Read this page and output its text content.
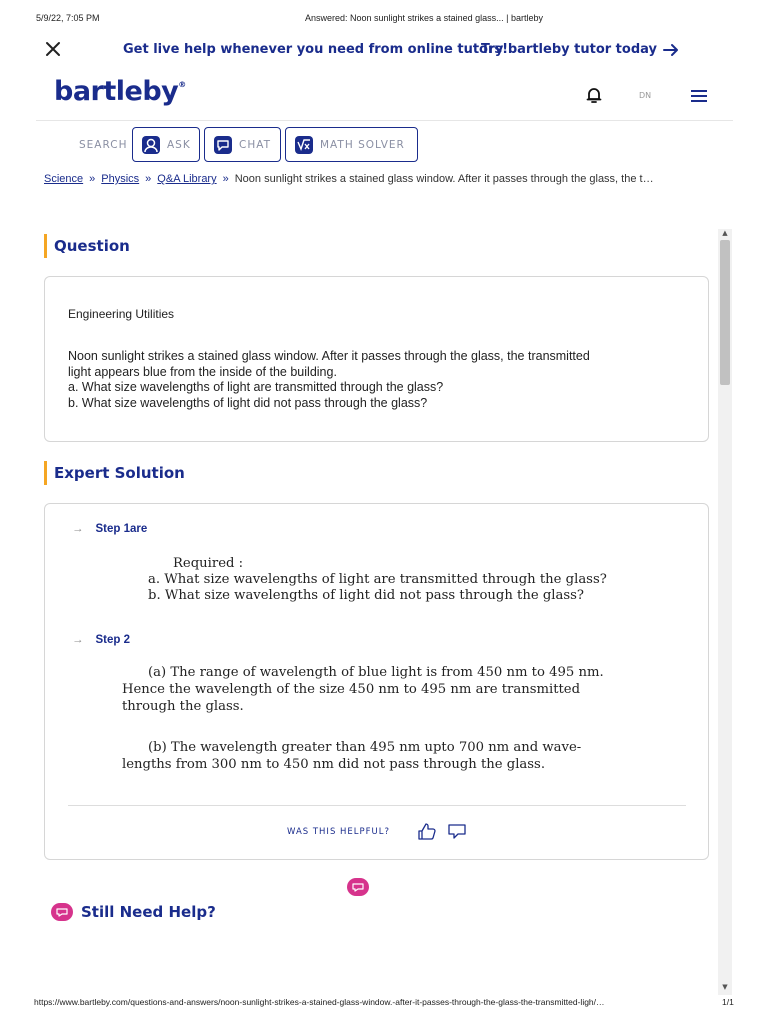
5/9/22, 7:05 PM	Answered: Noon sunlight strikes a stained glass... | bartleby
Get live help whenever you need from online tutors!
Try bartleby tutor today
bartleby®
DN
SEARCH	ASK	CHAT	MATH SOLVER
Science » Physics » Q&A Library » Noon sunlight strikes a stained glass window. After it passes through the glass, the t…
Question
Engineering Utilities
Noon sunlight strikes a stained glass window. After it passes through the glass, the transmitted
light appears blue from the inside of the building.
a. What size wavelengths of light are transmitted through the glass?
b. What size wavelengths of light did not pass through the glass?
Expert Solution
→ Step 1are
Required :
a. What size wavelengths of light are transmitted through the glass?
b. What size wavelengths of light did not pass through the glass?
→ Step 2
(a) The range of wavelength of blue light is from 450 nm to 495 nm.
Hence the wavelength of the size 450 nm to 495 nm are transmitted
through the glass.
(b) The wavelength greater than 495 nm upto 700 nm and wave-
lengths from 300 nm to 450 nm did not pass through the glass.
WAS THIS HELPFUL?
▲
▼
Still Need Help?
https://www.bartleby.com/questions-and-answers/noon-sunlight-strikes-a-stained-glass-window.-after-it-passes-through-the-glass-the-transmitted-ligh/…	1/1
